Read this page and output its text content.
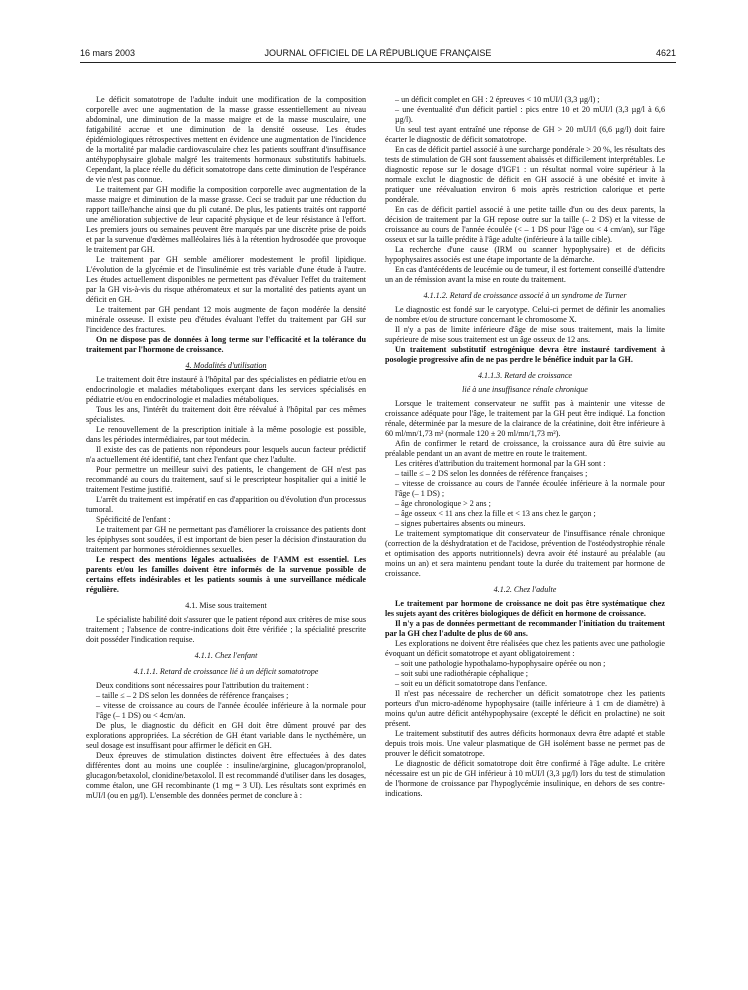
16 mars 2003	JOURNAL OFFICIEL DE LA RÉPUBLIQUE FRANÇAISE	4621

Le déficit somatotrope de l'adulte induit une modification de la composition corporelle avec une augmentation de la masse grasse essentiellement au niveau abdominal, une diminution de la masse maigre et de la masse musculaire, une fatigabilité accrue et une diminution de la densité osseuse. Les études épidémiologiques rétrospectives mettent en évidence une augmentation de l'incidence de la mortalité par maladie cardiovasculaire chez les patients souffrant d'insuffisance antéhypophysaire globale malgré les traitements hormonaux substitutifs habituels. Cependant, la place réelle du déficit somatotrope dans cette diminution de l'espérance de vie n'est pas connue.

Le traitement par GH modifie la composition corporelle avec augmentation de la masse maigre et diminution de la masse grasse. Ceci se traduit par une réduction du rapport taille/hanche ainsi que du pli cutané. De plus, les patients traités ont rapporté une amélioration subjective de leur capacité physique et de leur résistance à l'effort. Les premiers jours ou semaines peuvent être marqués par une discrète prise de poids et par la survenue d'œdèmes malléolaires liés à la rétention hydrosodée que provoque le traitement par GH.

Le traitement par GH semble améliorer modestement le profil lipidique. L'évolution de la glycémie et de l'insulinémie est très variable d'une étude à l'autre. Les études actuellement disponibles ne permettent pas d'évaluer l'effet du traitement par la GH vis-à-vis du risque athéromateux et sur la mortalité des patients ayant un déficit en GH.

Le traitement par GH pendant 12 mois augmente de façon modérée la densité minérale osseuse. Il existe peu d'études évaluant l'effet du traitement par GH sur l'incidence des fractures.

On ne dispose pas de données à long terme sur l'efficacité et la tolérance du traitement par l'hormone de croissance.

4. Modalités d'utilisation

Le traitement doit être instauré à l'hôpital par des spécialistes en pédiatrie et/ou en endocrinologie et maladies métaboliques exerçant dans les services spécialisés en pédiatrie et/ou en endocrinologie et maladies métaboliques.

Tous les ans, l'intérêt du traitement doit être réévalué à l'hôpital par ces mêmes spécialistes.

Le renouvellement de la prescription initiale à la même posologie est possible, dans les périodes intermédiaires, par tout médecin.

Il existe des cas de patients non répondeurs pour lesquels aucun facteur prédictif n'a actuellement été identifié, tant chez l'enfant que chez l'adulte.

Pour permettre un meilleur suivi des patients, le changement de GH n'est pas recommandé au cours du traitement, sauf si le prescripteur hospitalier qui a initié le traitement l'estime justifié.

L'arrêt du traitement est impératif en cas d'apparition ou d'évolution d'un processus tumoral.

Spécificité de l'enfant :

Le traitement par GH ne permettant pas d'améliorer la croissance des patients dont les épiphyses sont soudées, il est important de bien peser la décision d'instauration du traitement par hormones stéroïdiennes sexuelles.

Le respect des mentions légales actualisées de l'AMM est essentiel. Les parents et/ou les familles doivent être informés de la survenue possible de certains effets indésirables et les patients soumis à une surveillance médicale régulière.

4.1. Mise sous traitement

Le spécialiste habilité doit s'assurer que le patient répond aux critères de mise sous traitement ; l'absence de contre-indications doit être vérifiée ; la spécialité prescrite doit posséder l'indication requise.

4.1.1. Chez l'enfant
4.1.1.1. Retard de croissance lié à un déficit somatotrope

Deux conditions sont nécessaires pour l'attribution du traitement :

– taille ≤ – 2 DS selon les données de référence françaises ;

– vitesse de croissance au cours de l'année écoulée inférieure à la normale pour l'âge (– 1 DS) ou < 4cm/an.

De plus, le diagnostic du déficit en GH doit être dûment prouvé par des explorations appropriées. La sécrétion de GH étant variable dans le nycthémère, un seul dosage est insuffisant pour affirmer le déficit en GH.

Deux épreuves de stimulation distinctes doivent être effectuées à des dates différentes dont au moins une couplée : insuline/arginine, glucagon/propranolol, glucagon/betaxolol, clonidine/betaxolol. Il est recommandé d'utiliser dans les dosages, comme étalon, une GH recombinante (1 mg = 3 UI). Les résultats sont exprimés en mUI/l (ou en µg/l). L'ensemble des données permet de conclure à :

– un déficit complet en GH : 2 épreuves < 10 mUI/l (3,3 µg/l) ;

– une éventualité d'un déficit partiel : pics entre 10 et 20 mUI/l (3,3 µg/l à 6,6 µg/l).

Un seul test ayant entraîné une réponse de GH > 20 mUI/l (6,6 µg/l) doit faire écarter le diagnostic de déficit somatotrope.

En cas de déficit partiel associé à une surcharge pondérale > 20 %, les résultats des tests de stimulation de GH sont faussement abaissés et difficilement interprétables. Le diagnostic repose sur le dosage d'IGF1 : un résultat normal voire supérieur à la normale exclut le diagnostic de déficit en GH associé à une obésité et invite à pratiquer une réévaluation environ 6 mois après restriction calorique et perte pondérale.

En cas de déficit partiel associé à une petite taille d'un ou des deux parents, la décision de traitement par la GH repose outre sur la taille (– 2 DS) et la vitesse de croissance au cours de l'année écoulée (< – 1 DS pour l'âge ou < 4 cm/an), sur l'âge osseux et sur la taille prédite à l'âge adulte (inférieure à la taille cible).

La recherche d'une cause (IRM ou scanner hypophysaire) et de déficits hypophysaires associés est une étape importante de la démarche.

En cas d'antécédents de leucémie ou de tumeur, il est fortement conseillé d'attendre un an de rémission avant la mise en route du traitement.

4.1.1.2. Retard de croissance associé à un syndrome de Turner

Le diagnostic est fondé sur le caryotype. Celui-ci permet de définir les anomalies de nombre et/ou de structure concernant le chromosome X.

Il n'y a pas de limite inférieure d'âge de mise sous traitement, mais la limite supérieure de mise sous traitement est un âge osseux de 12 ans.

Un traitement substitutif estrogénique devra être instauré tardivement à posologie progressive afin de ne pas perdre le bénéfice induit par la GH.

4.1.1.3. Retard de croissance
lié à une insuffisance rénale chronique

Lorsque le traitement conservateur ne suffit pas à maintenir une vitesse de croissance adéquate pour l'âge, le traitement par la GH peut être indiqué. La fonction rénale, déterminée par la mesure de la clairance de la créatinine, doit être inférieure à 60 ml/mn/1,73 m² (normale 120 ± 20 ml/mn/1,73 m²).

Afin de confirmer le retard de croissance, la croissance aura dû être suivie au préalable pendant un an avant de mettre en route le traitement.

Les critères d'attribution du traitement hormonal par la GH sont :

– taille ≤ – 2 DS selon les données de référence françaises ;

– vitesse de croissance au cours de l'année écoulée inférieure à la normale pour l'âge (– 1 DS) ;

– âge chronologique > 2 ans ;

– âge osseux < 11 ans chez la fille et < 13 ans chez le garçon ;

– signes pubertaires absents ou mineurs.

Le traitement symptomatique dit conservateur de l'insuffisance rénale chronique (correction de la déshydratation et de l'acidose, prévention de l'ostéodystrophie rénale et optimisation des apports nutritionnels) devra avoir été instauré au préalable (au moins un an) et sera maintenu pendant toute la durée du traitement par hormone de croissance.

4.1.2. Chez l'adulte

Le traitement par hormone de croissance ne doit pas être systématique chez les sujets ayant des critères biologiques de déficit en hormone de croissance.

Il n'y a pas de données permettant de recommander l'initiation du traitement par la GH chez l'adulte de plus de 60 ans.

Les explorations ne doivent être réalisées que chez les patients avec une pathologie évoquant un déficit somatotrope et ayant obligatoirement :

– soit une pathologie hypothalamo-hypophysaire opérée ou non ;

– soit subi une radiothérapie céphalique ;

– soit eu un déficit somatotrope dans l'enfance.

Il n'est pas nécessaire de rechercher un déficit somatotrope chez les patients porteurs d'un micro-adénome hypophysaire (taille inférieure à 1 cm de diamètre) à moins qu'un autre déficit antéhypophysaire (excepté le déficit en prolactine) ne soit présent.

Le traitement substitutif des autres déficits hormonaux devra être adapté et stable depuis trois mois. Une valeur plasmatique de GH isolément basse ne permet pas de prouver le déficit somatotrope.

Le diagnostic de déficit somatotrope doit être confirmé à l'âge adulte. Le critère nécessaire est un pic de GH inférieur à 10 mUI/l (3,3 µg/l) lors du test de stimulation de l'hormone de croissance par l'hypoglycémie insulinique, en dehors de ses contre-indications.
